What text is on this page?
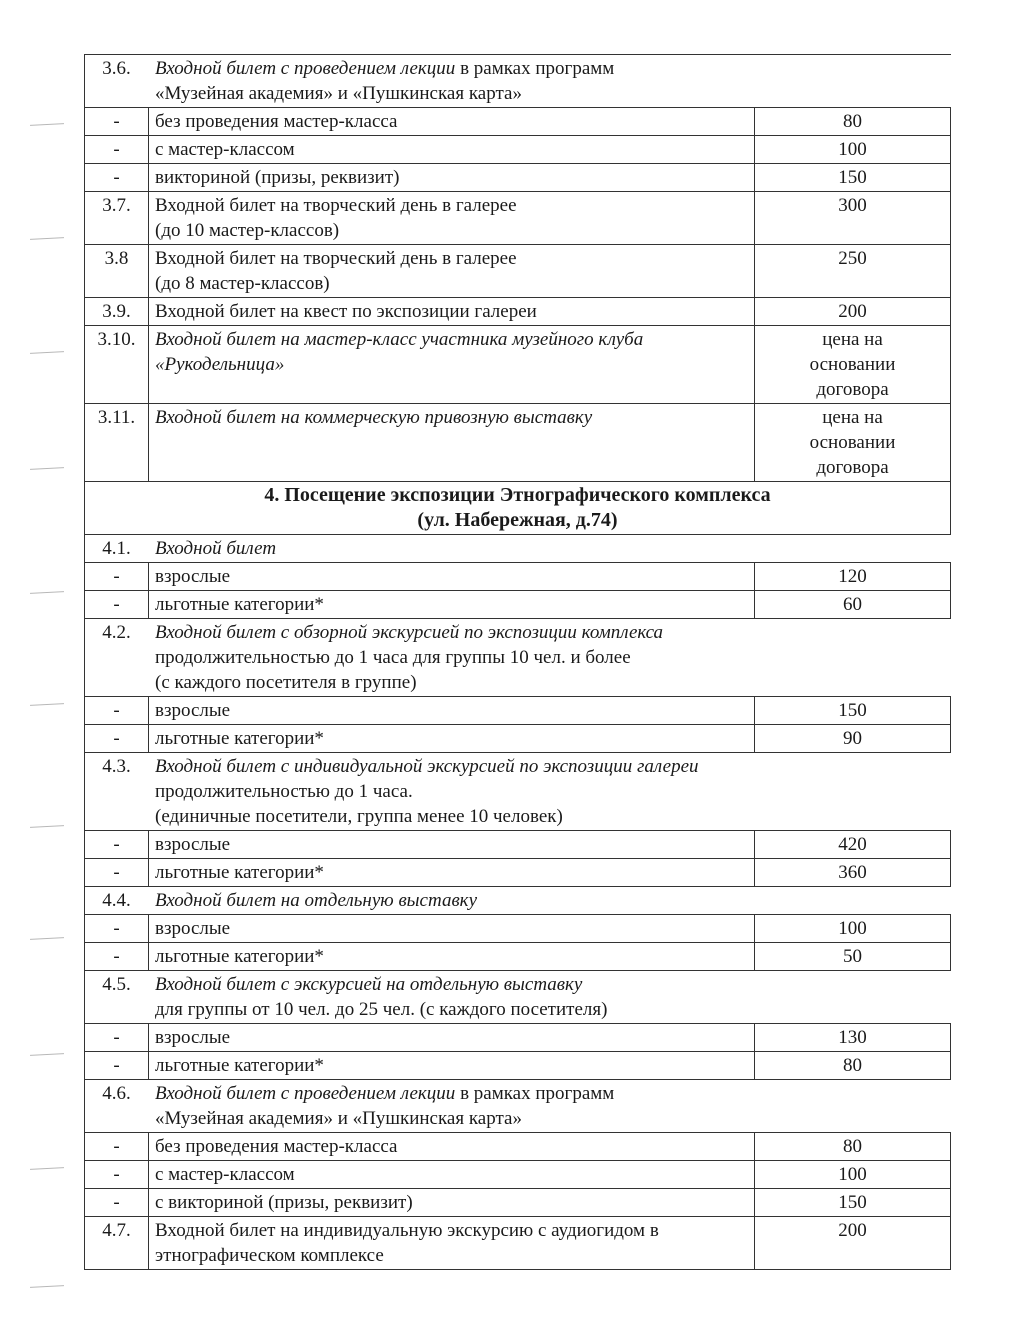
3.6.	Входной билет с проведением лекции в рамках программ
«Музейная академия» и «Пушкинская карта»	
-	без проведения мастер-класса	80
-	с мастер-классом	100
-	викториной (призы, реквизит)	150
3.7.	Входной билет на творческий день в галерее
(до 10 мастер-классов)	300
3.8	Входной билет на творческий день в галерее
(до 8 мастер-классов)	250
3.9.	Входной билет на квест по экспозиции галереи	200
3.10.	Входной билет на мастер-класс участника музейного клуба
«Рукодельница»	цена на
основании
договора
3.11.	Входной билет на коммерческую привозную выставку	цена на
основании
договора
4. Посещение экспозиции Этнографического комплекса
(ул. Набережная, д.74)		
4.1.	Входной билет	
-	взрослые	120
-	льготные категории*	60
4.2.	Входной билет с обзорной экскурсией по экспозиции комплекса
продолжительностью до 1 часа для группы 10 чел. и более
(с каждого посетителя в группе)	
-	взрослые	150
-	льготные категории*	90
4.3.	Входной билет с индивидуальной экскурсией по экспозиции галереи
продолжительностью до 1 часа.
(единичные посетители, группа менее 10 человек)	
-	взрослые	420
-	льготные категории*	360
4.4.	Входной билет на отдельную выставку	
-	взрослые	100
-	льготные категории*	50
4.5.	Входной билет с экскурсией на отдельную выставку
для группы от 10 чел. до 25 чел. (с каждого посетителя)	
-	взрослые	130
-	льготные категории*	80
4.6.	Входной билет с проведением лекции в рамках программ
«Музейная академия» и «Пушкинская карта»	
-	без проведения мастер-класса	80
-	с мастер-классом	100
-	с викториной (призы, реквизит)	150
4.7.	Входной билет на индивидуальную экскурсию с аудиогидом в
этнографическом комплексе	200
